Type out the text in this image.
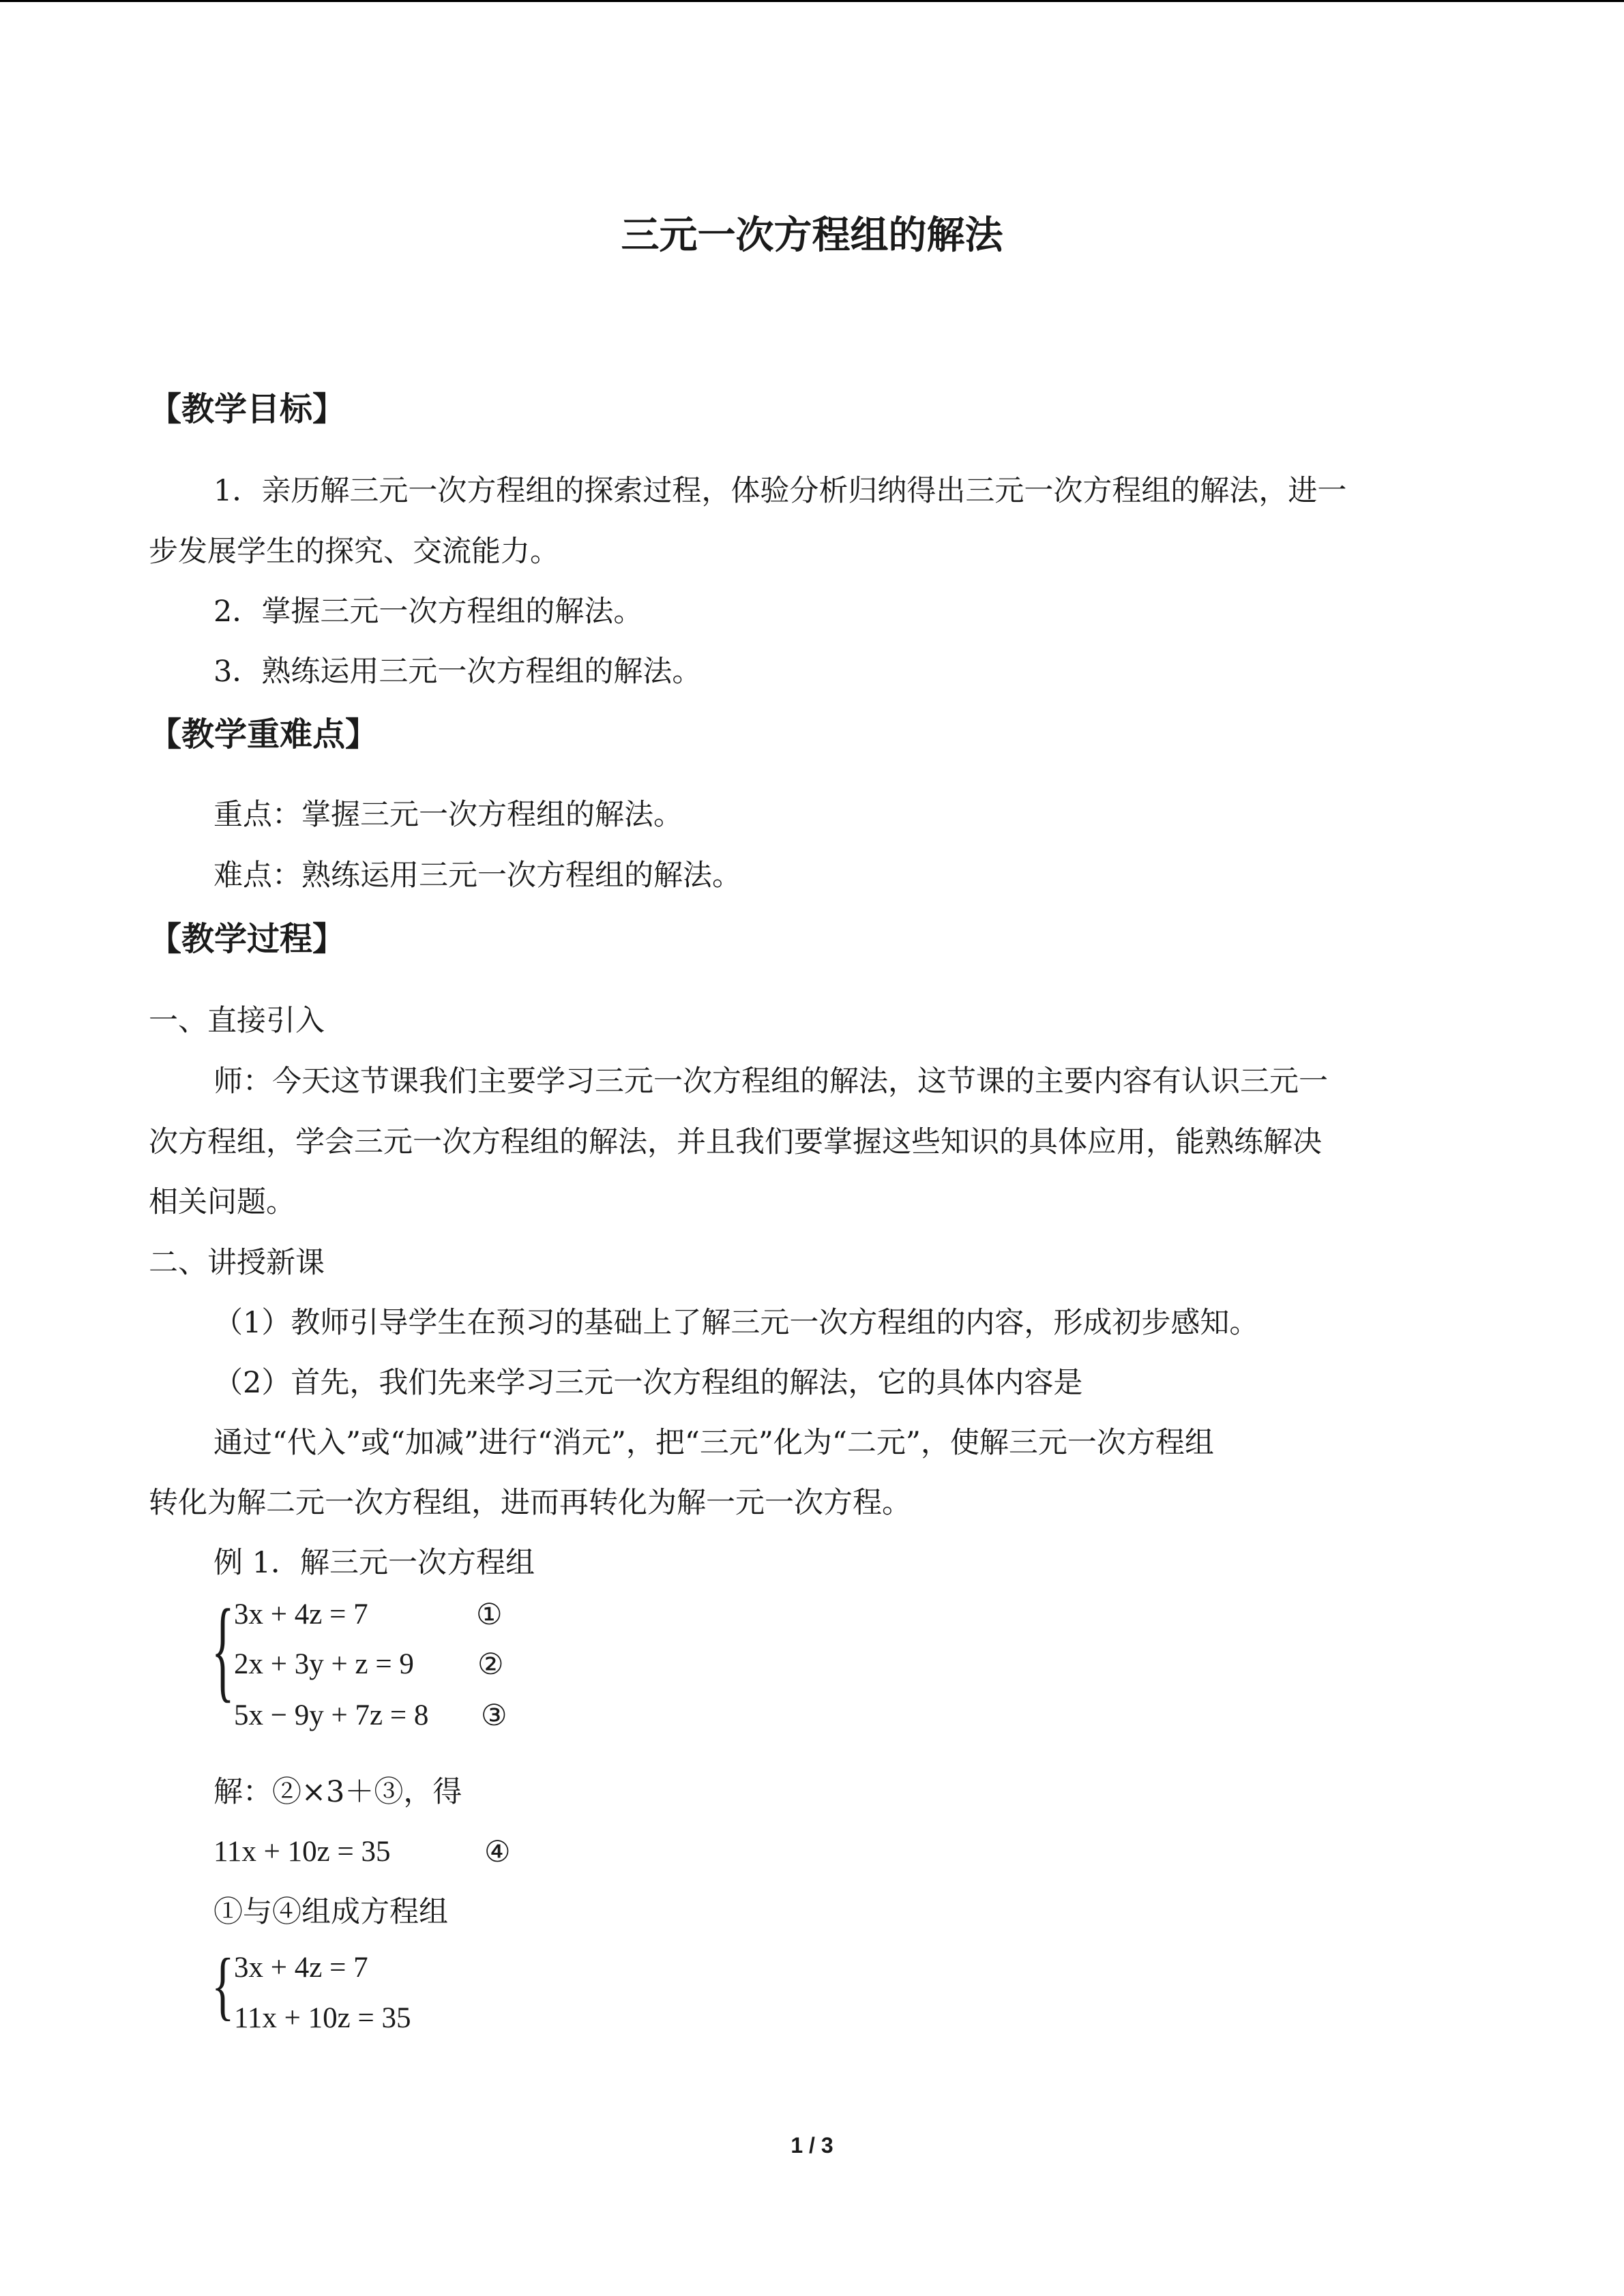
三元一次方程组的解法
【教学目标】
1．亲历解三元一次方程组的探索过程，体验分析归纳得出三元一次方程组的解法，进一
步发展学生的探究、交流能力。
2．掌握三元一次方程组的解法。
3．熟练运用三元一次方程组的解法。
【教学重难点】
重点：掌握三元一次方程组的解法。
难点：熟练运用三元一次方程组的解法。
【教学过程】
一、直接引入
师：今天这节课我们主要学习三元一次方程组的解法，这节课的主要内容有认识三元一
次方程组，学会三元一次方程组的解法，并且我们要掌握这些知识的具体应用，能熟练解决
相关问题。
二、讲授新课
（1）教师引导学生在预习的基础上了解三元一次方程组的内容，形成初步感知。
（2）首先，我们先来学习三元一次方程组的解法，它的具体内容是
通过“代入”或“加减”进行“消元”，把“三元”化为“二元”，使解三元一次方程组
转化为解二元一次方程组，进而再转化为解一元一次方程。
例 1．解三元一次方程组
{ 3x + 4z = 7	①
2x + 3y + z = 9 ②
5x − 9y + 7z = 8 ③
解：②×3＋③，得
11x + 10z = 35	④
①与④组成方程组
{ 3x + 4z = 7
11x + 10z = 35
1 / 3
